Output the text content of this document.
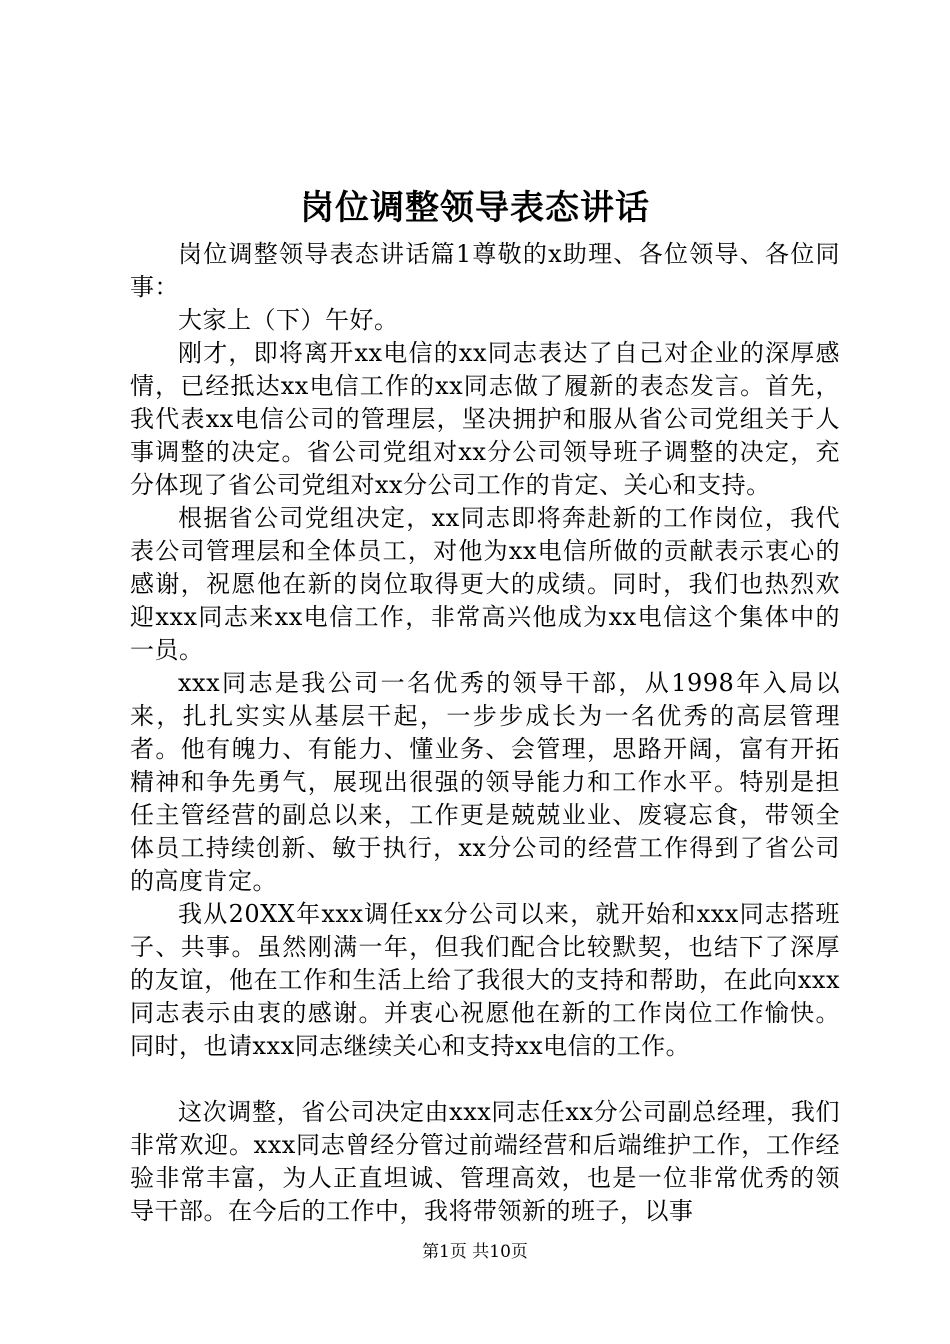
岗位调整领导表态讲话

岗位调整领导表态讲话篇1尊敬的x助理、各位领导、各位同事：

大家上（下）午好。

刚才，即将离开xx电信的xx同志表达了自己对企业的深厚感情，已经抵达xx电信工作的xx同志做了履新的表态发言。首先，我代表xx电信公司的管理层，坚决拥护和服从省公司党组关于人事调整的决定。省公司党组对xx分公司领导班子调整的决定，充分体现了省公司党组对xx分公司工作的肯定、关心和支持。

根据省公司党组决定，xx同志即将奔赴新的工作岗位，我代表公司管理层和全体员工，对他为xx电信所做的贡献表示衷心的感谢，祝愿他在新的岗位取得更大的成绩。同时，我们也热烈欢迎xxx同志来xx电信工作，非常高兴他成为xx电信这个集体中的一员。

xxx同志是我公司一名优秀的领导干部，从1998年入局以来，扎扎实实从基层干起，一步步成长为一名优秀的高层管理者。他有魄力、有能力、懂业务、会管理，思路开阔，富有开拓精神和争先勇气，展现出很强的领导能力和工作水平。特别是担任主管经营的副总以来，工作更是兢兢业业、废寝忘食，带领全体员工持续创新、敏于执行，xx分公司的经营工作得到了省公司的高度肯定。

我从20XX年xxx调任xx分公司以来，就开始和xxx同志搭班子、共事。虽然刚满一年，但我们配合比较默契，也结下了深厚的友谊，他在工作和生活上给了我很大的支持和帮助，在此向xxx同志表示由衷的感谢。并衷心祝愿他在新的工作岗位工作愉快。同时，也请xxx同志继续关心和支持xx电信的工作。

这次调整，省公司决定由xxx同志任xx分公司副总经理，我们非常欢迎。xxx同志曾经分管过前端经营和后端维护工作，工作经验非常丰富，为人正直坦诚、管理高效，也是一位非常优秀的领导干部。在今后的工作中，我将带领新的班子，以事

第1页 共10页
